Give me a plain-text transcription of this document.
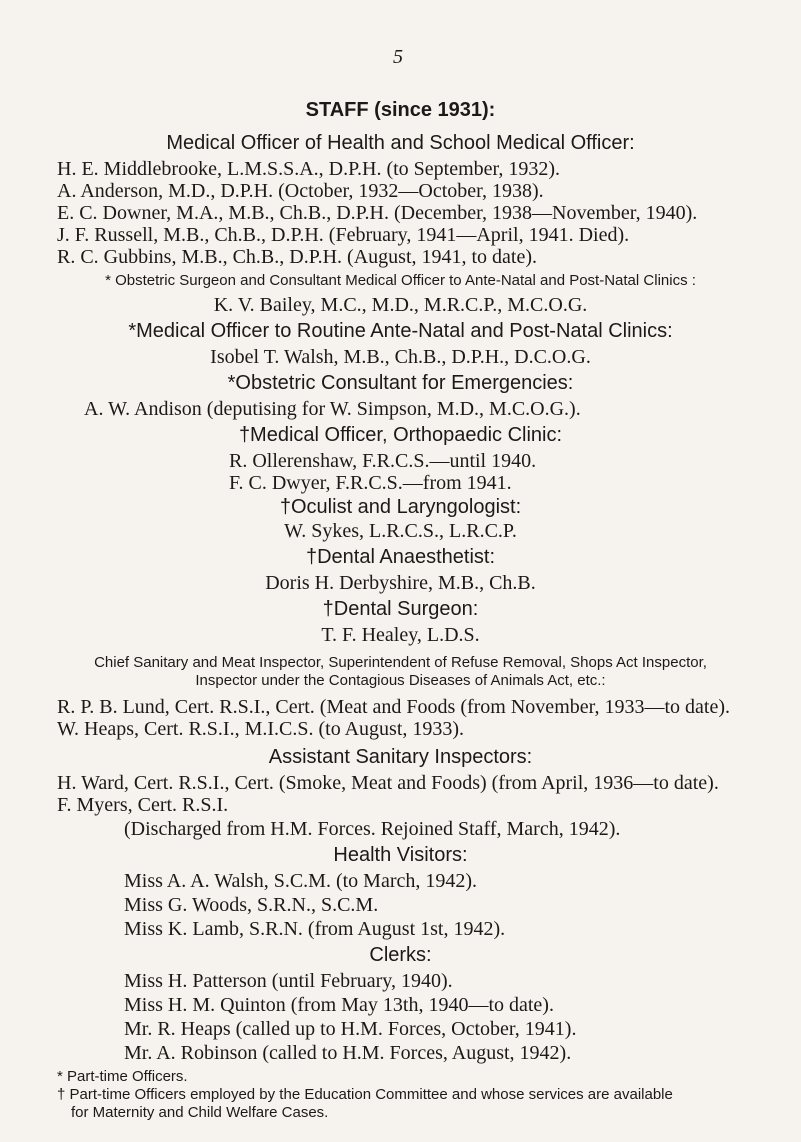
5
STAFF (since 1931):
Medical Officer of Health and School Medical Officer:
H. E. Middlebrooke, L.M.S.S.A., D.P.H. (to September, 1932).
A. Anderson, M.D., D.P.H. (October, 1932—October, 1938).
E. C. Downer, M.A., M.B., Ch.B., D.P.H. (December, 1938—November, 1940).
J. F. Russell, M.B., Ch.B., D.P.H. (February, 1941—April, 1941. Died).
R. C. Gubbins, M.B., Ch.B., D.P.H. (August, 1941, to date).
* Obstetric Surgeon and Consultant Medical Officer to Ante-Natal and Post-Natal Clinics :
K. V. Bailey, M.C., M.D., M.R.C.P., M.C.O.G.
*Medical Officer to Routine Ante-Natal and Post-Natal Clinics:
Isobel T. Walsh, M.B., Ch.B., D.P.H., D.C.O.G.
*Obstetric Consultant for Emergencies:
A. W. Andison (deputising for W. Simpson, M.D., M.C.O.G.).
†Medical Officer, Orthopaedic Clinic:
R. Ollerenshaw, F.R.C.S.—until 1940.
F. C. Dwyer, F.R.C.S.—from 1941.
†Oculist and Laryngologist:
W. Sykes, L.R.C.S., L.R.C.P.
†Dental Anaesthetist:
Doris H. Derbyshire, M.B., Ch.B.
†Dental Surgeon:
T. F. Healey, L.D.S.
Chief Sanitary and Meat Inspector, Superintendent of Refuse Removal, Shops Act Inspector,
Inspector under the Contagious Diseases of Animals Act, etc.:
R. P. B. Lund, Cert. R.S.I., Cert. (Meat and Foods (from November, 1933—to date).
W. Heaps, Cert. R.S.I., M.I.C.S. (to August, 1933).
Assistant Sanitary Inspectors:
H. Ward, Cert. R.S.I., Cert. (Smoke, Meat and Foods) (from April, 1936—to date).
F. Myers, Cert. R.S.I.
(Discharged from H.M. Forces. Rejoined Staff, March, 1942).
Health Visitors:
Miss A. A. Walsh, S.C.M. (to March, 1942).
Miss G. Woods, S.R.N., S.C.M.
Miss K. Lamb, S.R.N. (from August 1st, 1942).
Clerks:
Miss H. Patterson (until February, 1940).
Miss H. M. Quinton (from May 13th, 1940—to date).
Mr. R. Heaps (called up to H.M. Forces, October, 1941).
Mr. A. Robinson (called to H.M. Forces, August, 1942).
* Part-time Officers.
† Part-time Officers employed by the Education Committee and whose services are available
for Maternity and Child Welfare Cases.
